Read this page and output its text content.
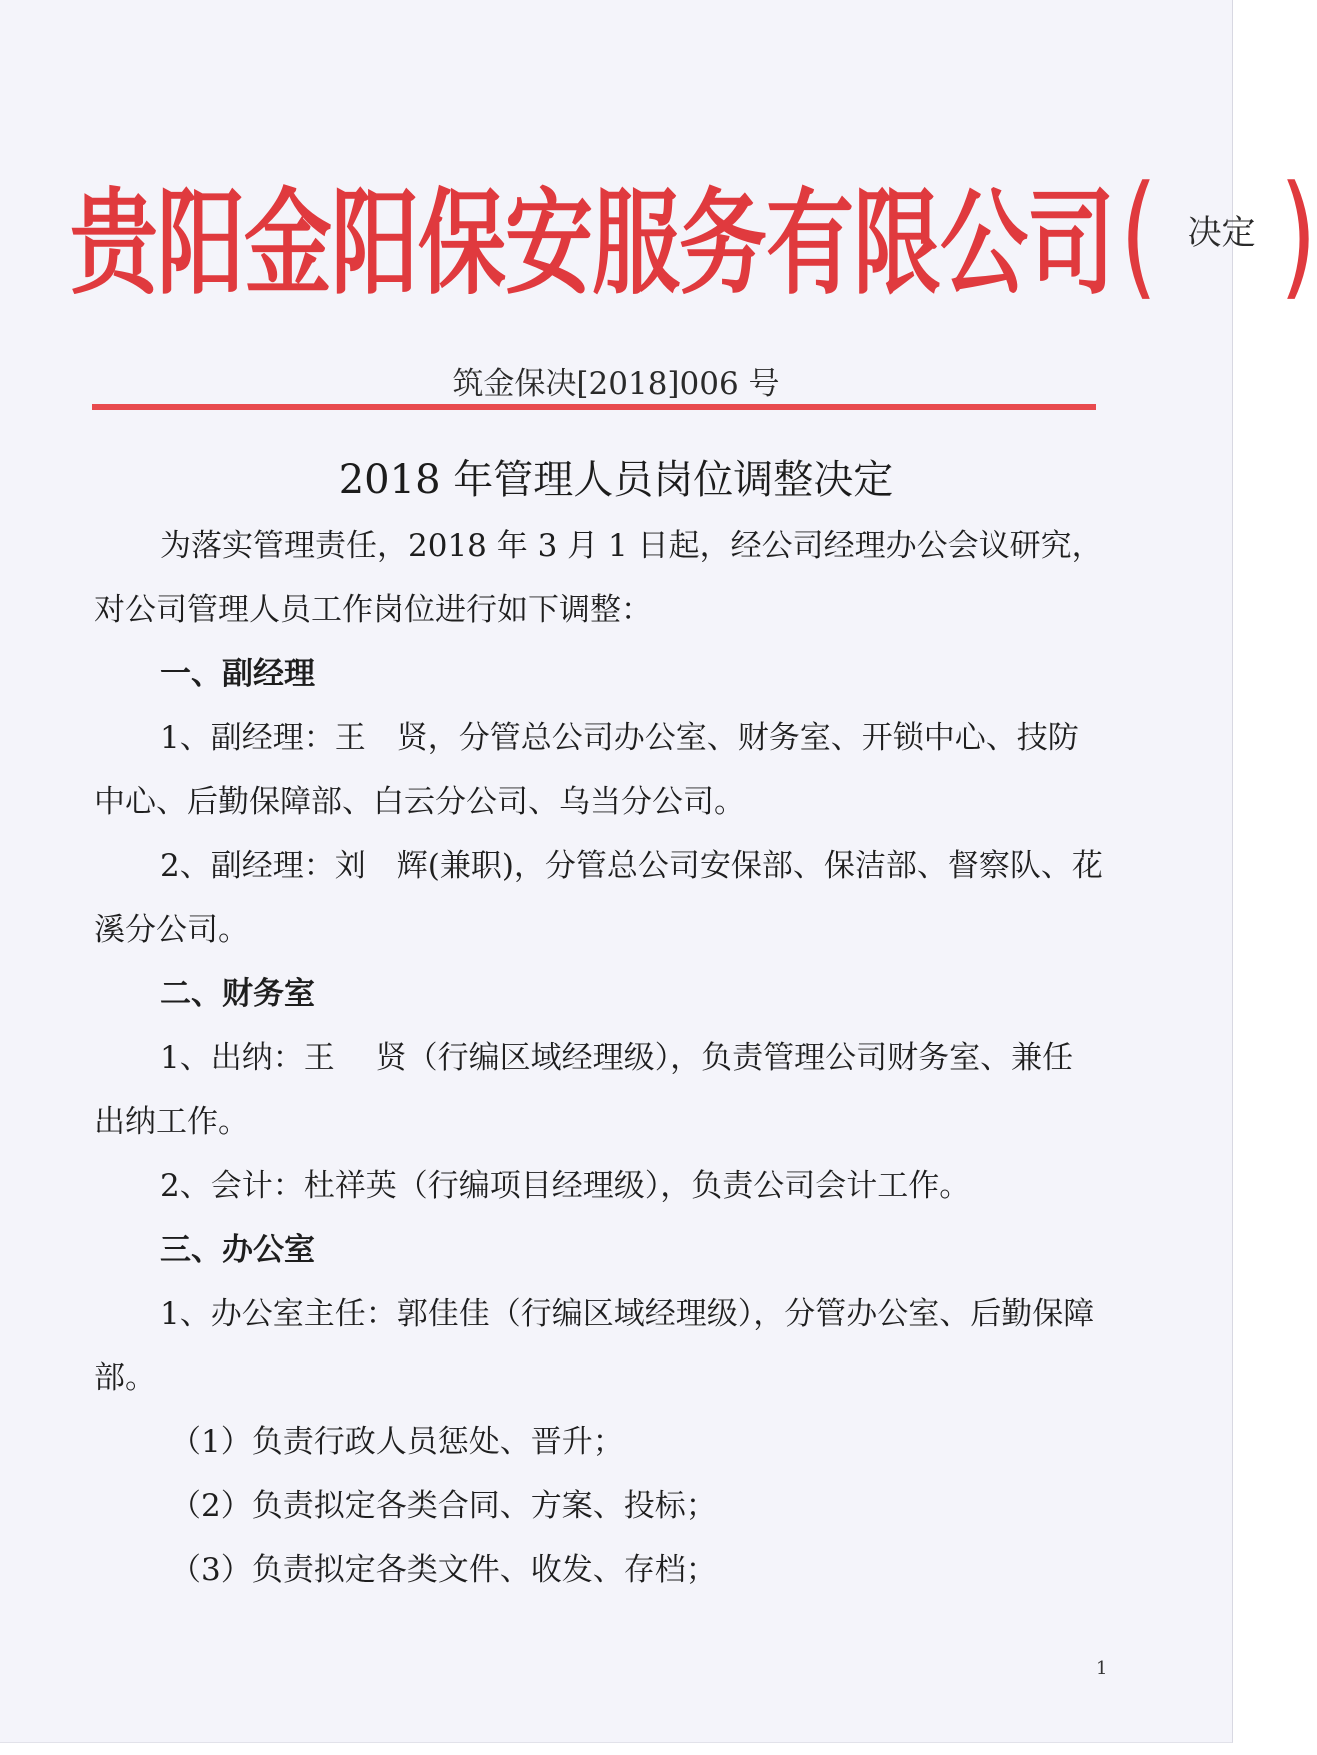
贵阳金阳保安服务有限公司 ( 决定 )
筑金保决[2018]006 号
2018 年管理人员岗位调整决定

为落实管理责任，2018 年 3 月 1 日起，经公司经理办公会议研究，对公司管理人员工作岗位进行如下调整：

一、副经理

1、副经理：王　贤，分管总公司办公室、财务室、开锁中心、技防中心、后勤保障部、白云分公司、乌当分公司。

2、副经理：刘　辉(兼职)，分管总公司安保部、保洁部、督察队、花溪分公司。

二、财务室

1、出纳：王　 贤（行编区域经理级），负责管理公司财务室、兼任出纳工作。

2、会计：杜祥英（行编项目经理级），负责公司会计工作。

三、办公室

1、办公室主任：郭佳佳（行编区域经理级），分管办公室、后勤保障部。

（1）负责行政人员惩处、晋升；

（2）负责拟定各类合同、方案、投标；

（3）负责拟定各类文件、收发、存档；

1
